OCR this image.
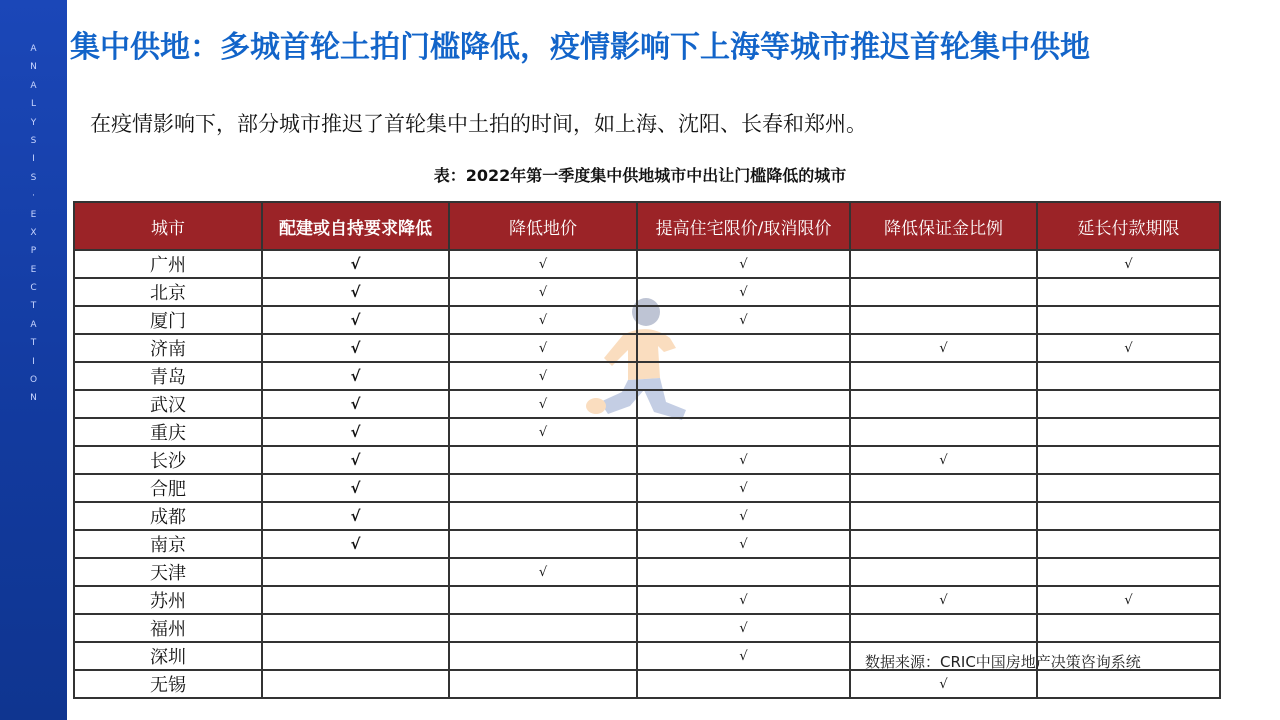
A
N
A
L
Y
S
I
S
·
E
X
P
E
C
T
A
T
I
O
N
集中供地：多城首轮土拍门槛降低，疫情影响下上海等城市推迟首轮集中供地

在疫情影响下，部分城市推迟了首轮集中土拍的时间，如上海、沈阳、长春和郑州。

表：2022年第一季度集中供地城市中出让门槛降低的城市

城市	配建或自持要求降低	降低地价	提高住宅限价/取消限价	降低保证金比例	延长付款期限
广州	√	√	√		√
北京	√	√	√		
厦门	√	√	√		
济南	√	√		√	√
青岛	√	√			
武汉	√	√			
重庆	√	√			
长沙	√		√	√	
合肥	√		√		
成都	√		√		
南京	√		√		
天津		√			
苏州			√	√	√
福州			√		
深圳			√		
无锡				√	

数据来源：CRIC中国房地产决策咨询系统
